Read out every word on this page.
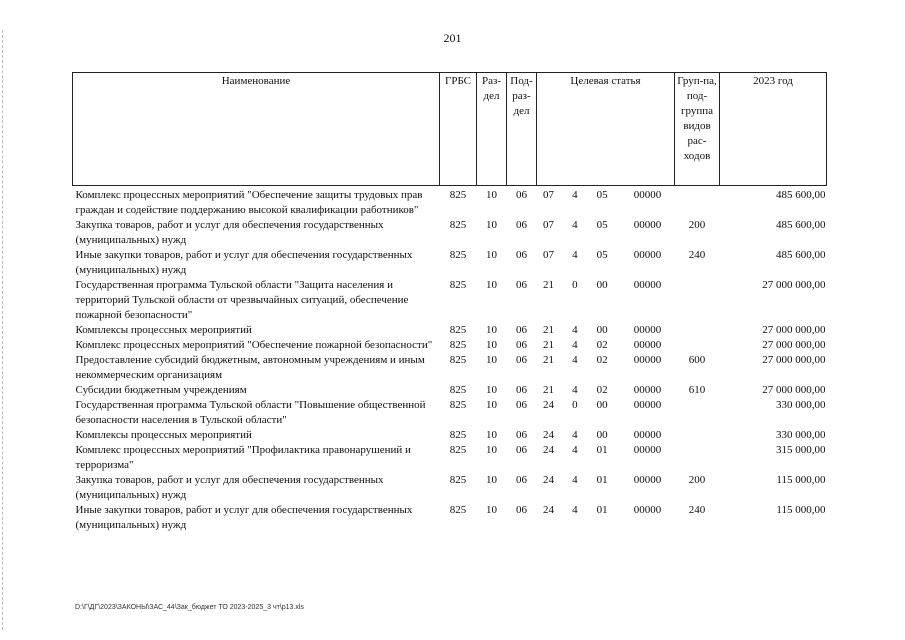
201
Наименование	ГРБС	Раз-дел	Под-раз-дел	Целевая статья	Груп-па, под-группа видов рас-ходов	2023 год

Комплекс процессных мероприятий "Обеспечение защиты трудовых прав граждан и содействие поддержанию высокой квалификации работников"	825	10	06	07 4 05 00000		485 600,00
Закупка товаров, работ и услуг для обеспечения государственных (муниципальных) нужд	825	10	06	07 4 05 00000	200	485 600,00
Иные закупки товаров, работ и услуг для обеспечения государственных (муниципальных) нужд	825	10	06	07 4 05 00000	240	485 600,00
Государственная программа Тульской области "Защита населения и территорий Тульской области от чрезвычайных ситуаций, обеспечение пожарной безопасности"	825	10	06	21 0 00 00000		27 000 000,00
Комплексы процессных мероприятий	825	10	06	21 4 00 00000		27 000 000,00
Комплекс процессных мероприятий "Обеспечение пожарной безопасности"	825	10	06	21 4 02 00000		27 000 000,00
Предоставление субсидий бюджетным, автономным учреждениям и иным некоммерческим организациям	825	10	06	21 4 02 00000	600	27 000 000,00
Субсидии бюджетным учреждениям	825	10	06	21 4 02 00000	610	27 000 000,00
Государственная программа Тульской области "Повышение общественной безопасности населения в Тульской области"	825	10	06	24 0 00 00000		330 000,00
Комплексы процессных мероприятий	825	10	06	24 4 00 00000		330 000,00
Комплекс процессных мероприятий "Профилактика правонарушений и терроризма"	825	10	06	24 4 01 00000		315 000,00
Закупка товаров, работ и услуг для обеспечения государственных (муниципальных) нужд	825	10	06	24 4 01 00000	200	115 000,00
Иные закупки товаров, работ и услуг для обеспечения государственных (муниципальных) нужд	825	10	06	24 4 01 00000	240	115 000,00
D:\Г\ДГ\2023\ЗАКОНЫ\ЗАС_44\Зак_бюджет ТО 2023-2025_3 чт\р13.xls
